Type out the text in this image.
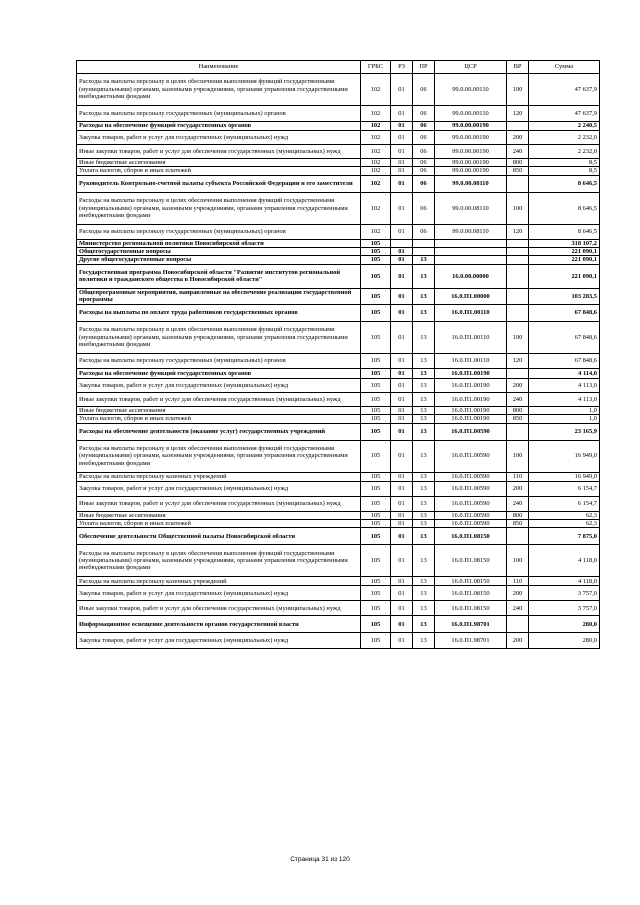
Наименование	ГРБС	РЗ	ПР	ЦСР	ВР	Сумма
Расходы на выплаты персоналу в целях обеспечения выполнения функций государственными (муниципальными) органами, казенными учреждениями, органами управления государственными внебюджетными фондами	102	01	06	99.0.00.00110	100	47 637,9
Расходы на выплаты персоналу государственных (муниципальных) органов	102	01	06	99.0.00.00110	120	47 637,9
Расходы на обеспечение функций государственных органов	102	01	06	99.0.00.00190		2 240,5
Закупка товаров, работ и услуг для государственных (муниципальных) нужд	102	01	06	99.0.00.00190	200	2 232,0
Иные закупки товаров, работ и услуг для обеспечения государственных (муниципальных) нужд	102	01	06	99.0.00.00190	240	2 232,0
Иные бюджетные ассигнования	102	01	06	99.0.00.00190	800	8,5
Уплата налогов, сборов и иных платежей	102	01	06	99.0.00.00190	850	8,5
Руководитель Контрольно-счетной палаты субъекта Российской Федерации и его заместители	102	01	06	99.0.00.08110		8 646,5
Расходы на выплаты персоналу в целях обеспечения выполнения функций государственными (муниципальными) органами, казенными учреждениями, органами управления государственными внебюджетными фондами	102	01	06	99.0.00.08110	100	8 646,5
Расходы на выплаты персоналу государственных (муниципальных) органов	102	01	06	99.0.00.08110	120	8 646,5
Министерство региональной политики Новосибирской области	105					318 107,2
Общегосударственные вопросы	105	01				221 090,1
Другие общегосударственные вопросы	105	01	13			221 090,1
Государственная программа Новосибирской области "Развитие институтов региональной политики и гражданского общества в Новосибирской области"	105	01	13	16.0.00.00000		221 090,1
Общепрограммные мероприятия, направленные на обеспечение реализации государственной программы	105	01	13	16.0.П1.00000		103 283,5
Расходы на выплаты по оплате труда работников государственных органов	105	01	13	16.0.П1.00110		67 848,6
Расходы на выплаты персоналу в целях обеспечения выполнения функций государственными (муниципальными) органами, казенными учреждениями, органами управления государственными внебюджетными фондами	105	01	13	16.0.П1.00110	100	67 848,6
Расходы на выплаты персоналу государственных (муниципальных) органов	105	01	13	16.0.П1.00110	120	67 848,6
Расходы на обеспечение функций государственных органов	105	01	13	16.0.П1.00190		4 114,0
Закупка товаров, работ и услуг для государственных (муниципальных) нужд	105	01	13	16.0.П1.00190	200	4 113,0
Иные закупки товаров, работ и услуг для обеспечения государственных (муниципальных) нужд	105	01	13	16.0.П1.00190	240	4 113,0
Иные бюджетные ассигнования	105	01	13	16.0.П1.00190	800	1,0
Уплата налогов, сборов и иных платежей	105	01	13	16.0.П1.00190	850	1,0
Расходы на обеспечение деятельности (оказание услуг) государственных учреждений	105	01	13	16.0.П1.00590		23 165,9
Расходы на выплаты персоналу в целях обеспечения выполнения функций государственными (муниципальными) органами, казенными учреждениями, органами управления государственными внебюджетными фондами	105	01	13	16.0.П1.00590	100	16 949,0
Расходы на выплаты персоналу казенных учреждений	105	01	13	16.0.П1.00590	110	16 949,0
Закупка товаров, работ и услуг для государственных (муниципальных) нужд	105	01	13	16.0.П1.00590	200	6 154,7
Иные закупки товаров, работ и услуг для обеспечения государственных (муниципальных) нужд	105	01	13	16.0.П1.00590	240	6 154,7
Иные бюджетные ассигнования	105	01	13	16.0.П1.00590	800	62,3
Уплата налогов, сборов и иных платежей	105	01	13	16.0.П1.00590	850	62,3
Обеспечение деятельности Общественной палаты Новосибирской области	105	01	13	16.0.П1.08150		7 875,0
Расходы на выплаты персоналу в целях обеспечения выполнения функций государственными (муниципальными) органами, казенными учреждениями, органами управления государственными внебюджетными фондами	105	01	13	16.0.П1.08150	100	4 118,0
Расходы на выплаты персоналу казенных учреждений	105	01	13	16.0.П1.08150	110	4 118,0
Закупка товаров, работ и услуг для государственных (муниципальных) нужд	105	01	13	16.0.П1.08150	200	3 757,0
Иные закупки товаров, работ и услуг для обеспечения государственных (муниципальных) нужд	105	01	13	16.0.П1.08150	240	3 757,0
Информационное освещение деятельности органов государственной власти	105	01	13	16.0.П1.98701		280,0
Закупка товаров, работ и услуг для государственных (муниципальных) нужд	105	01	13	16.0.П1.98701	200	280,0
Страница 31 из 120
